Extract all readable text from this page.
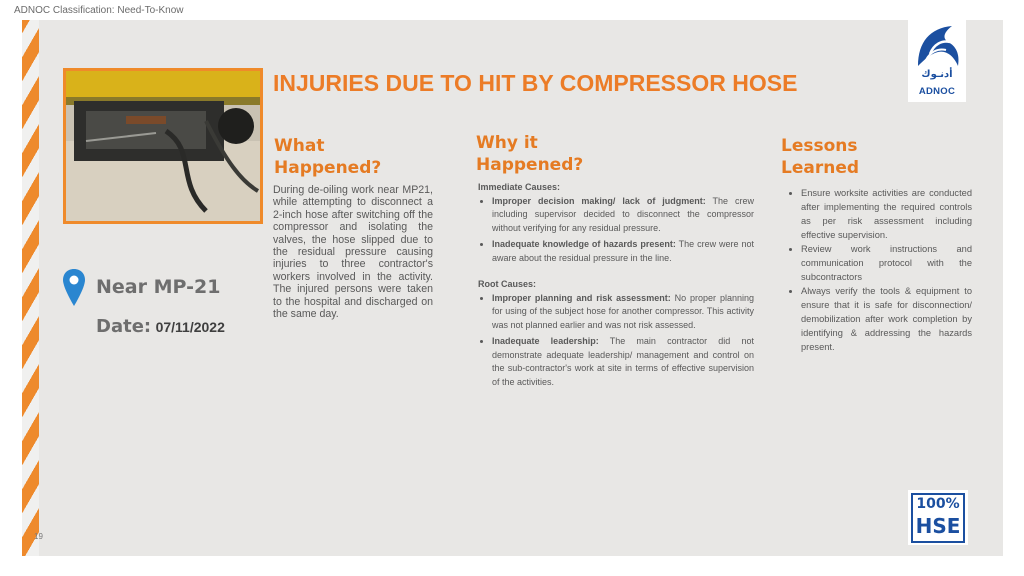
ADNOC Classification: Need-To-Know
INJURIES DUE TO HIT BY COMPRESSOR HOSE
What
Happened?
During de-oiling work near MP21, while attempting to disconnect a 2-inch hose after switching off the compressor and isolating the valves, the hose slipped due to the residual pressure causing injuries to three contractor's workers involved in the activity. The injured persons were taken to the hospital and discharged on the same day.
Why it
Happened?
Immediate Causes:
• Improper decision making/ lack of judgment: The crew including supervisor decided to disconnect the compressor without verifying for any residual pressure.
• Inadequate knowledge of hazards present: The crew were not aware about the residual pressure in the line.
Root Causes:
• Improper planning and risk assessment: No proper planning for using of the subject hose for another compressor. This activity was not planned earlier and was not risk assessed.
• Inadequate leadership: The main contractor did not demonstrate adequate leadership/ management and control on the sub-contractor's work at site in terms of effective supervision of the activities.
Lessons
Learned
• Ensure worksite activities are conducted after implementing the required controls as per risk assessment including effective supervision.
• Review work instructions and communication protocol with the subcontractors
• Always verify the tools & equipment to ensure that it is safe for disconnection/ demobilization after work completion by identifying & addressing the hazards present.
Near MP-21
Date: 07/11/2022
19
أدنـوك
ADNOC
100%
HSE
